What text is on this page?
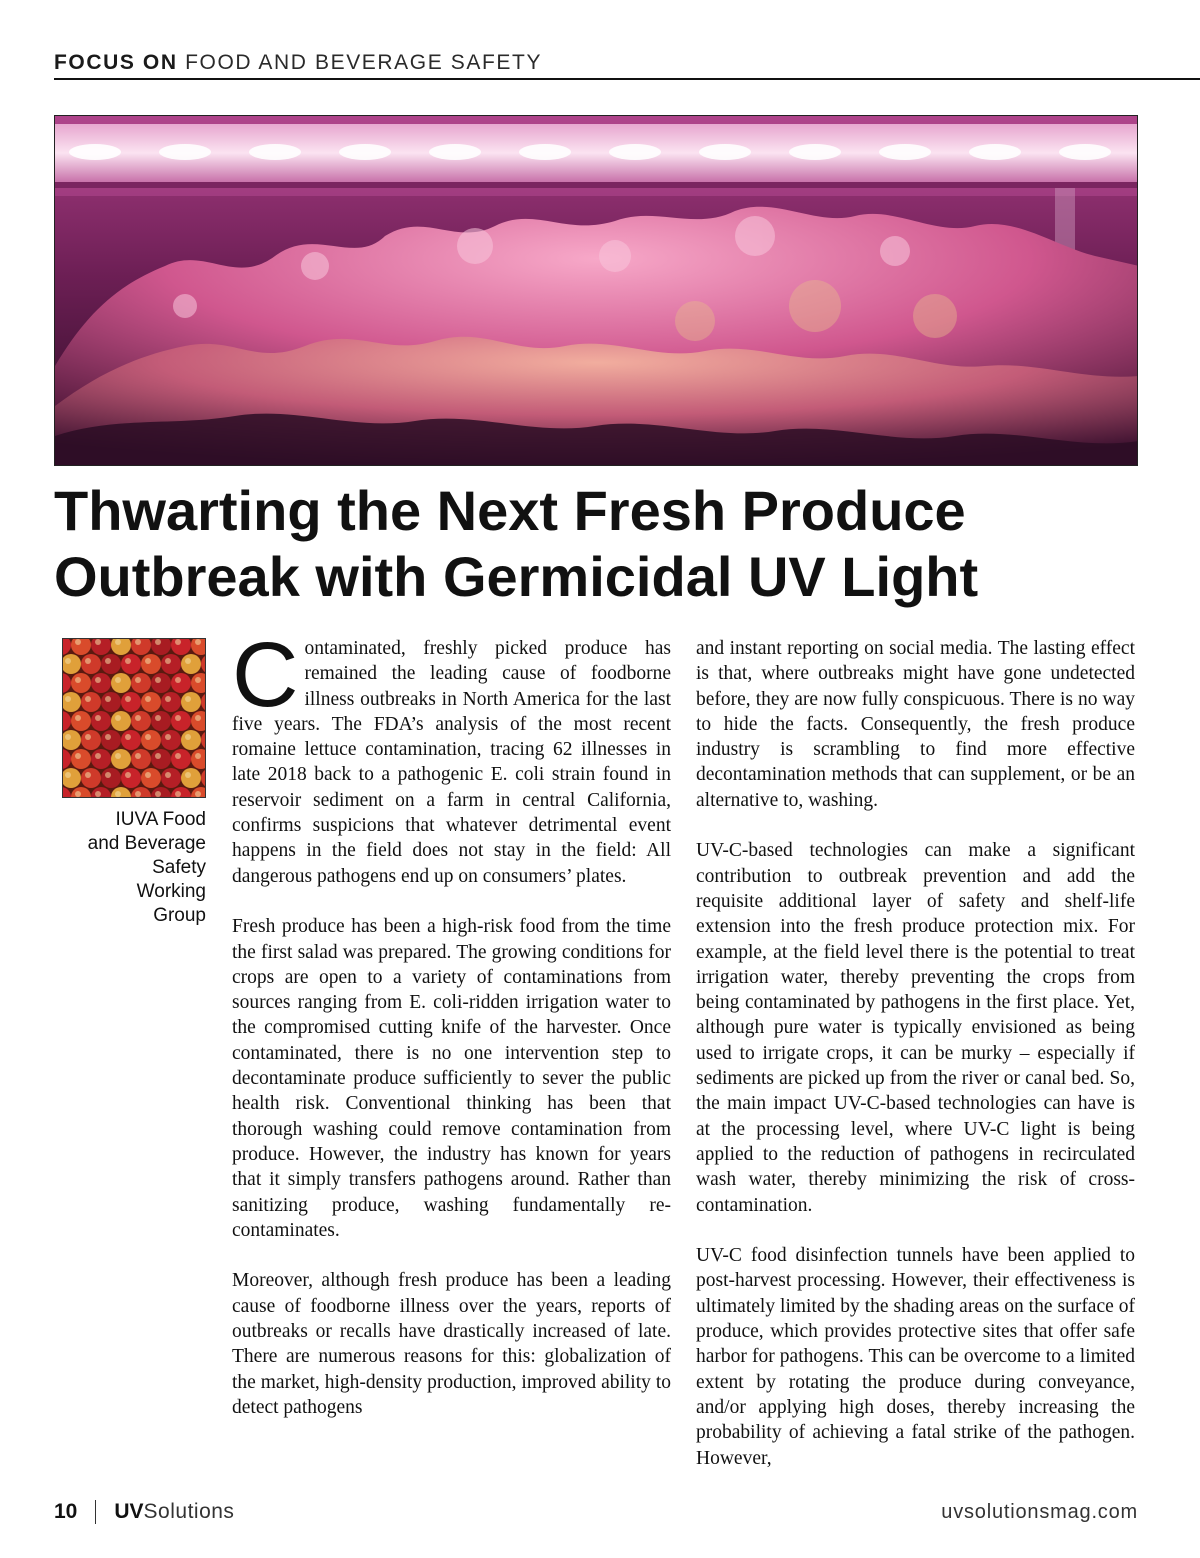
FOCUS ON FOOD AND BEVERAGE SAFETY
Thwarting the Next Fresh Produce
Outbreak with Germicidal UV Light
IUVA Food
and Beverage
Safety
Working
Group

Contaminated, freshly picked produce has remained the leading cause of foodborne illness outbreaks in North America for the last five years. The FDA’s analysis of the most recent romaine lettuce contamination, tracing 62 illnesses in late 2018 back to a pathogenic E. coli strain found in reservoir sediment on a farm in central California, confirms suspicions that whatever detrimental event happens in the field does not stay in the field: All dangerous pathogens end up on consumers’ plates.

Fresh produce has been a high-risk food from the time the first salad was prepared. The growing conditions for crops are open to a variety of contaminations from sources ranging from E. coli-ridden irrigation water to the compromised cutting knife of the harvester. Once contaminated, there is no one intervention step to decontaminate produce sufficiently to sever the public health risk. Conventional thinking has been that thorough washing could remove contamination from produce. However, the industry has known for years that it simply transfers pathogens around. Rather than sanitizing produce, washing fundamentally re-contaminates.

Moreover, although fresh produce has been a leading cause of foodborne illness over the years, reports of outbreaks or recalls have drastically increased of late. There are numerous reasons for this: globalization of the market, high-density production, improved ability to detect pathogens

and instant reporting on social media. The lasting effect is that, where outbreaks might have gone undetected before, they are now fully conspicuous. There is no way to hide the facts. Consequently, the fresh produce industry is scrambling to find more effective decontamination methods that can supplement, or be an alternative to, washing.

UV-C-based technologies can make a significant contribution to outbreak prevention and add the requisite additional layer of safety and shelf-life extension into the fresh produce protection mix. For example, at the field level there is the potential to treat irrigation water, thereby preventing the crops from being contaminated by pathogens in the first place. Yet, although pure water is typically envisioned as being used to irrigate crops, it can be murky – especially if sediments are picked up from the river or canal bed. So, the main impact UV-C-based technologies can have is at the processing level, where UV-C light is being applied to the reduction of pathogens in recirculated wash water, thereby minimizing the risk of cross-contamination.

UV-C food disinfection tunnels have been applied to post-harvest processing. However, their effectiveness is ultimately limited by the shading areas on the surface of produce, which provides protective sites that offer safe harbor for pathogens. This can be overcome to a limited extent by rotating the produce during conveyance, and/or applying high doses, thereby increasing the probability of achieving a fatal strike of the pathogen. However,

10 UV Solutions	uvsolutionsmag.com
